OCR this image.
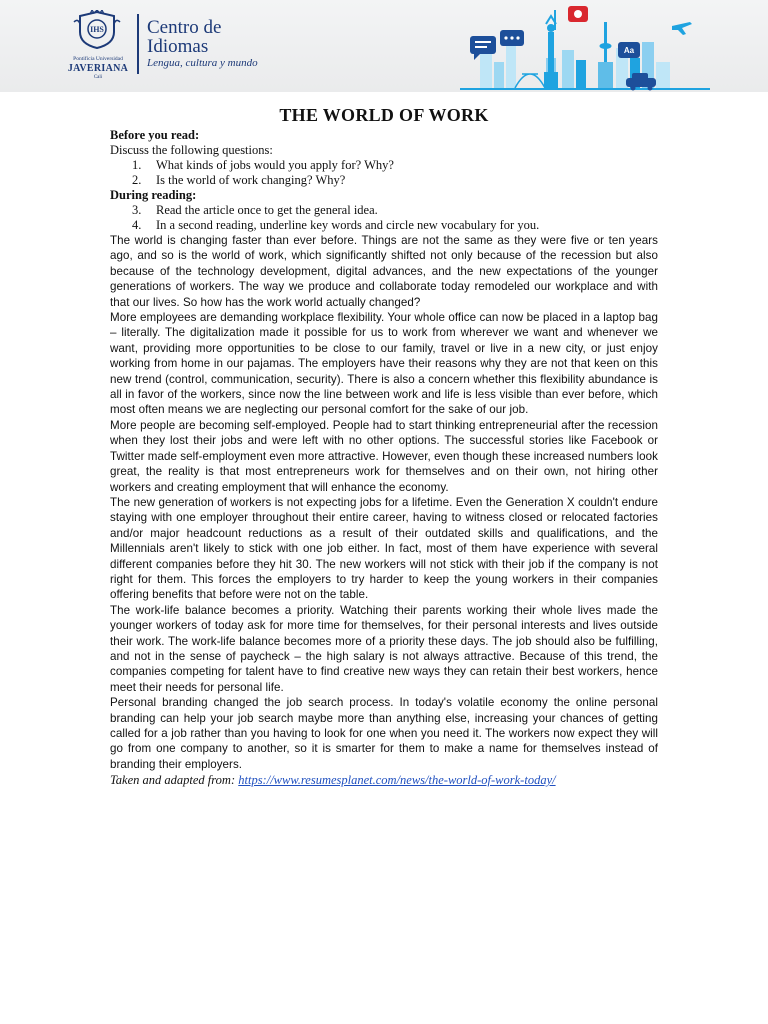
IHS
Pontificia Universidad
JAVERIANA
Cali
Centro de
Idiomas
Lengua, cultura y mundo
Aa
THE WORLD OF WORK
Before you read:
Discuss the following questions:
1. What kinds of jobs would you apply for? Why?
2. Is the world of work changing? Why?
During reading:
3. Read the article once to get the general idea.
4. In a second reading, underline key words and circle new vocabulary for you.

The world is changing faster than ever before. Things are not the same as they were five or ten years ago, and so is the world of work, which significantly shifted not only because of the recession but also because of the technology development, digital advances, and the new expectations of the younger generations of workers. The way we produce and collaborate today remodeled our workplace and with that our lives. So how has the work world actually changed?

More employees are demanding workplace flexibility. Your whole office can now be placed in a laptop bag – literally. The digitalization made it possible for us to work from wherever we want and whenever we want, providing more opportunities to be close to our family, travel or live in a new city, or just enjoy working from home in our pajamas. The employers have their reasons why they are not that keen on this new trend (control, communication, security). There is also a concern whether this flexibility abundance is all in favor of the workers, since now the line between work and life is less visible than ever before, which most often means we are neglecting our personal comfort for the sake of our job.

More people are becoming self-employed. People had to start thinking entrepreneurial after the recession when they lost their jobs and were left with no other options. The successful stories like Facebook or Twitter made self-employment even more attractive. However, even though these increased numbers look great, the reality is that most entrepreneurs work for themselves and on their own, not hiring other workers and creating employment that will enhance the economy.

The new generation of workers is not expecting jobs for a lifetime. Even the Generation X couldn't endure staying with one employer throughout their entire career, having to witness closed or relocated factories and/or major headcount reductions as a result of their outdated skills and qualifications, and the Millennials aren't likely to stick with one job either. In fact, most of them have experience with several different companies before they hit 30. The new workers will not stick with their job if the company is not right for them. This forces the employers to try harder to keep the young workers in their companies offering benefits that before were not on the table.

The work-life balance becomes a priority. Watching their parents working their whole lives made the younger workers of today ask for more time for themselves, for their personal interests and lives outside their work. The work-life balance becomes more of a priority these days. The job should also be fulfilling, and not in the sense of paycheck – the high salary is not always attractive. Because of this trend, the companies competing for talent have to find creative new ways they can retain their best workers, hence meet their needs for personal life.

Personal branding changed the job search process. In today's volatile economy the online personal branding can help your job search maybe more than anything else, increasing your chances of getting called for a job rather than you having to look for one when you need it. The workers now expect they will go from one company to another, so it is smarter for them to make a name for themselves instead of branding their employers.

Taken and adapted from: https://www.resumesplanet.com/news/the-world-of-work-today/
